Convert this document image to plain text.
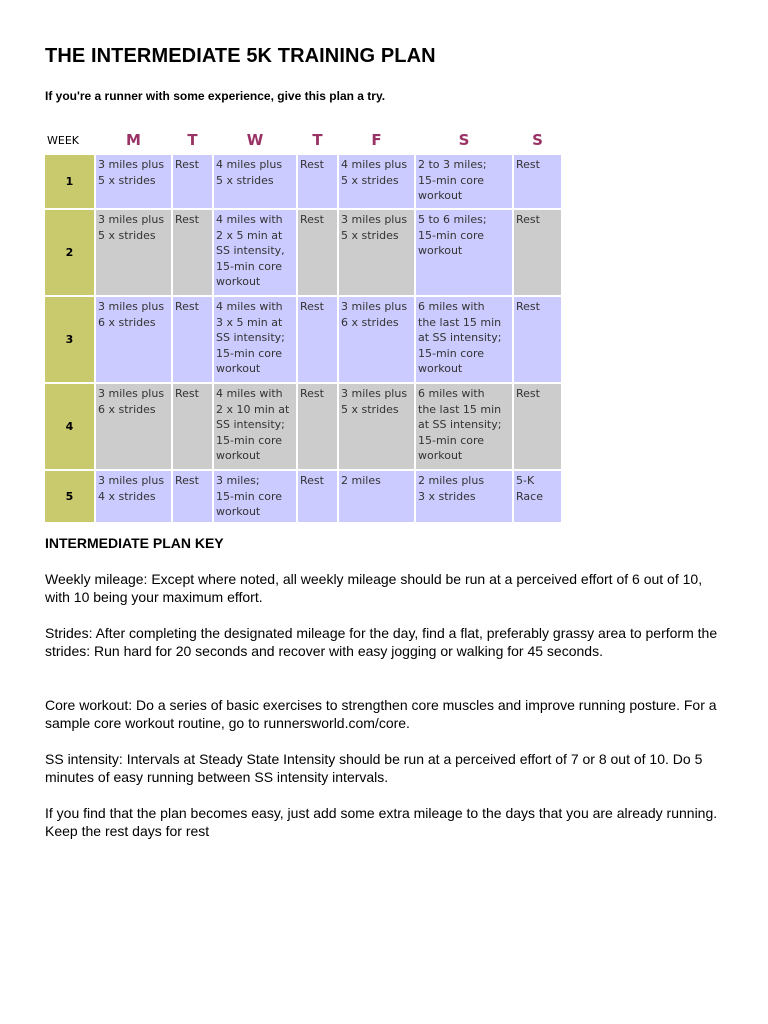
THE INTERMEDIATE 5K TRAINING PLAN
If you're a runner with some experience, give this plan a try.
WEEK	M	T	W	T	F	S	S
1	3 miles plus
5 x strides	Rest	4 miles plus
5 x strides	Rest	4 miles plus
5 x strides	2 to 3 miles;
15-min core
workout	Rest
2	3 miles plus
5 x strides	Rest	4 miles with
2 x 5 min at
SS intensity,
15-min core
workout	Rest	3 miles plus
5 x strides	5 to 6 miles;
15-min core
workout	Rest
3	3 miles plus
6 x strides	Rest	4 miles with
3 x 5 min at
SS intensity;
15-min core
workout	Rest	3 miles plus
6 x strides	6 miles with
the last 15 min
at SS intensity;
15-min core
workout	Rest
4	3 miles plus
6 x strides	Rest	4 miles with
2 x 10 min at
SS intensity;
15-min core
workout	Rest	3 miles plus
5 x strides	6 miles with
the last 15 min
at SS intensity;
15-min core
workout	Rest
5	3 miles plus
4 x strides	Rest	3 miles;
15-min core
workout	Rest	2 miles	2 miles plus
3 x strides	5-K
Race
INTERMEDIATE PLAN KEY
Weekly mileage: Except where noted, all weekly mileage should be run at a perceived effort of 6 out of 10, with 10 being your maximum effort.
Strides: After completing the designated mileage for the day, find a flat, preferably grassy area to perform the strides: Run hard for 20 seconds and recover with easy jogging or walking for 45 seconds.
Core workout: Do a series of basic exercises to strengthen core muscles and improve running posture. For a sample core workout routine, go to runnersworld.com/core.
SS intensity: Intervals at Steady State Intensity should be run at a perceived effort of 7 or 8 out of 10. Do 5 minutes of easy running between SS intensity intervals.
If you find that the plan becomes easy, just add some extra mileage to the days that you are already running. Keep the rest days for rest
